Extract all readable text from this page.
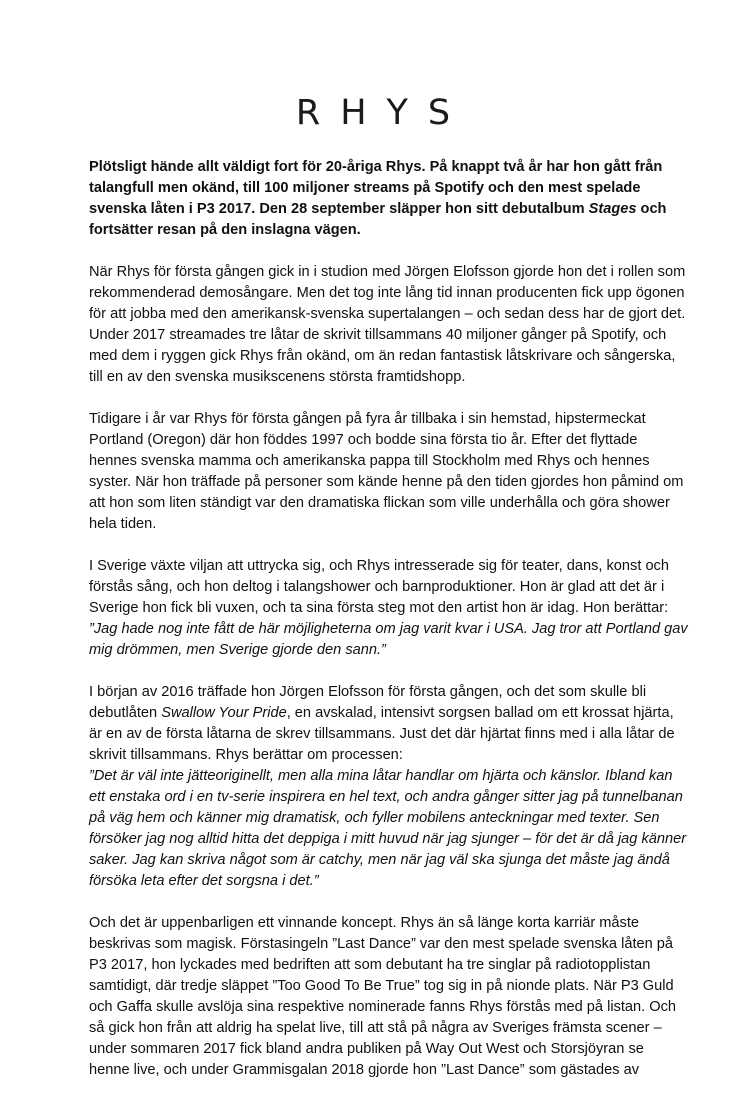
RHYS

Plötsligt hände allt väldigt fort för 20-åriga Rhys. På knappt två år har hon gått från
talangfull men okänd, till 100 miljoner streams på Spotify och den mest spelade
svenska låten i P3 2017. Den 28 september släpper hon sitt debutalbum Stages och
fortsätter resan på den inslagna vägen.

När Rhys för första gången gick in i studion med Jörgen Elofsson gjorde hon det i rollen som
rekommenderad demosångare. Men det tog inte lång tid innan producenten fick upp ögonen
för att jobba med den amerikansk-svenska supertalangen – och sedan dess har de gjort det.
Under 2017 streamades tre låtar de skrivit tillsammans 40 miljoner gånger på Spotify, och
med dem i ryggen gick Rhys från okänd, om än redan fantastisk låtskrivare och sångerska,
till en av den svenska musikscenens största framtidshopp.

Tidigare i år var Rhys för första gången på fyra år tillbaka i sin hemstad, hipstermeckat
Portland (Oregon) där hon föddes 1997 och bodde sina första tio år. Efter det flyttade
hennes svenska mamma och amerikanska pappa till Stockholm med Rhys och hennes
syster. När hon träffade på personer som kände henne på den tiden gjordes hon påmind om
att hon som liten ständigt var den dramatiska flickan som ville underhålla och göra shower
hela tiden.

I Sverige växte viljan att uttrycka sig, och Rhys intresserade sig för teater, dans, konst och
förstås sång, och hon deltog i talangshower och barnproduktioner. Hon är glad att det är i
Sverige hon fick bli vuxen, och ta sina första steg mot den artist hon är idag. Hon berättar:
”Jag hade nog inte fått de här möjligheterna om jag varit kvar i USA. Jag tror att Portland gav
mig drömmen, men Sverige gjorde den sann.”

I början av 2016 träffade hon Jörgen Elofsson för första gången, och det som skulle bli
debutlåten Swallow Your Pride, en avskalad, intensivt sorgsen ballad om ett krossat hjärta,
är en av de första låtarna de skrev tillsammans. Just det där hjärtat finns med i alla låtar de
skrivit tillsammans. Rhys berättar om processen:
”Det är väl inte jätteoriginellt, men alla mina låtar handlar om hjärta och känslor. Ibland kan
ett enstaka ord i en tv-serie inspirera en hel text, och andra gånger sitter jag på tunnelbanan
på väg hem och känner mig dramatisk, och fyller mobilens anteckningar med texter. Sen
försöker jag nog alltid hitta det deppiga i mitt huvud när jag sjunger – för det är då jag känner
saker. Jag kan skriva något som är catchy, men när jag väl ska sjunga det måste jag ändå
försöka leta efter det sorgsna i det.”

Och det är uppenbarligen ett vinnande koncept. Rhys än så länge korta karriär måste
beskrivas som magisk. Förstasingeln ”Last Dance” var den mest spelade svenska låten på
P3 2017, hon lyckades med bedriften att som debutant ha tre singlar på radiotopplistan
samtidigt, där tredje släppet ”Too Good To Be True” tog sig in på nionde plats. När P3 Guld
och Gaffa skulle avslöja sina respektive nominerade fanns Rhys förstås med på listan. Och
så gick hon från att aldrig ha spelat live, till att stå på några av Sveriges främsta scener –
under sommaren 2017 fick bland andra publiken på Way Out West och Storsjöyran se
henne live, och under Grammisgalan 2018 gjorde hon ”Last Dance” som gästades av
